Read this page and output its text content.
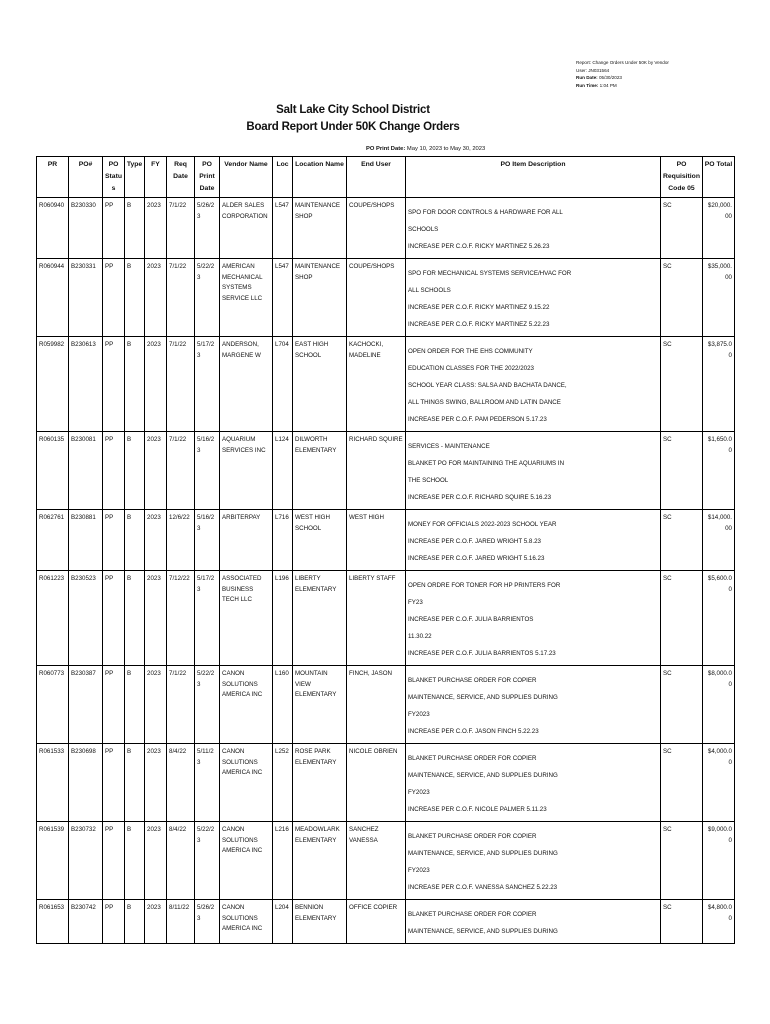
Report: Change Orders Under 50K by Vendor
User: JN031564
Run Date: 05/30/2023
Run Time: 1:04 PM
Salt Lake City School District
Board Report Under 50K Change Orders
PO Print Date: May 10, 2023 to May 30, 2023
PR	PO#	PO Status	Type	FY	Req Date	PO Print Date	Vendor Name	Loc	Location Name	End User	PO Item Description	PO Requisition Code 05	PO Total
R060940	B230330	PP	B	2023	7/1/22	5/26/23	ALDER SALES CORPORATION	L547	MAINTENANCE SHOP	COUPE/SHOPS	SPO FOR DOOR CONTROLS & HARDWARE FOR ALL
SCHOOLS
INCREASE PER C.O.F. RICKY MARTINEZ 5.26.23	SC	$20,000.00
R060944	B230331	PP	B	2023	7/1/22	5/22/23	AMERICAN MECHANICAL SYSTEMS SERVICE LLC	L547	MAINTENANCE SHOP	COUPE/SHOPS	SPO FOR MECHANICAL SYSTEMS SERVICE/HVAC FOR
ALL SCHOOLS
INCREASE PER C.O.F. RICKY MARTINEZ 9.15.22
INCREASE PER C.O.F. RICKY MARTINEZ 5.22.23	SC	$35,000.00
R059982	B230613	PP	B	2023	7/1/22	5/17/23	ANDERSON, MARGENE W	L704	EAST HIGH SCHOOL	KACHOCKI, MADELINE	OPEN ORDER FOR THE EHS COMMUNITY
EDUCATION CLASSES FOR THE 2022/2023
SCHOOL YEAR CLASS: SALSA AND BACHATA DANCE,
ALL THINGS SWING, BALLROOM AND LATIN DANCE
INCREASE PER C.O.F. PAM PEDERSON 5.17.23	SC	$3,875.00
R060135	B230081	PP	B	2023	7/1/22	5/16/23	AQUARIUM SERVICES INC	L124	DILWORTH ELEMENTARY	RICHARD SQUIRE	SERVICES - MAINTENANCE
BLANKET PO FOR MAINTAINING THE AQUARIUMS IN
THE SCHOOL
INCREASE PER C.O.F. RICHARD SQUIRE 5.16.23	SC	$1,650.00
R062761	B230881	PP	B	2023	12/6/22	5/16/23	ARBITERPAY	L716	WEST HIGH SCHOOL	WEST HIGH	MONEY FOR OFFICIALS 2022-2023 SCHOOL YEAR
INCREASE PER C.O.F. JARED WRIGHT 5.8.23
INCREASE PER C.O.F. JARED WRIGHT 5.16.23	SC	$14,000.00
R061223	B230523	PP	B	2023	7/12/22	5/17/23	ASSOCIATED BUSINESS TECH LLC	L196	LIBERTY ELEMENTARY	LIBERTY STAFF	OPEN ORDRE FOR TONER FOR HP PRINTERS FOR
FY23
INCREASE PER C.O.F. JULIA BARRIENTOS
11.30.22
INCREASE PER C.O.F. JULIA BARRIENTOS 5.17.23	SC	$5,600.00
R060773	B230387	PP	B	2023	7/1/22	5/22/23	CANON SOLUTIONS AMERICA INC	L160	MOUNTAIN VIEW ELEMENTARY	FINCH, JASON	BLANKET PURCHASE ORDER FOR COPIER
MAINTENANCE, SERVICE, AND SUPPLIES DURING
FY2023
INCREASE PER C.O.F. JASON FINCH 5.22.23	SC	$8,000.00
R061533	B230698	PP	B	2023	8/4/22	5/11/23	CANON SOLUTIONS AMERICA INC	L252	ROSE PARK ELEMENTARY	NICOLE OBRIEN	BLANKET PURCHASE ORDER FOR COPIER
MAINTENANCE, SERVICE, AND SUPPLIES DURING
FY2023
INCREASE PER C.O.F. NICOLE PALMER 5.11.23	SC	$4,000.00
R061539	B230732	PP	B	2023	8/4/22	5/22/23	CANON SOLUTIONS AMERICA INC	L216	MEADOWLARK ELEMENTARY	SANCHEZ VANESSA	BLANKET PURCHASE ORDER FOR COPIER
MAINTENANCE, SERVICE, AND SUPPLIES DURING
FY2023
INCREASE PER C.O.F. VANESSA SANCHEZ 5.22.23	SC	$9,000.00
R061653	B230742	PP	B	2023	8/11/22	5/26/23	CANON SOLUTIONS AMERICA INC	L204	BENNION ELEMENTARY	OFFICE COPIER	BLANKET PURCHASE ORDER FOR COPIER
MAINTENANCE, SERVICE, AND SUPPLIES DURING	SC	$4,800.00
